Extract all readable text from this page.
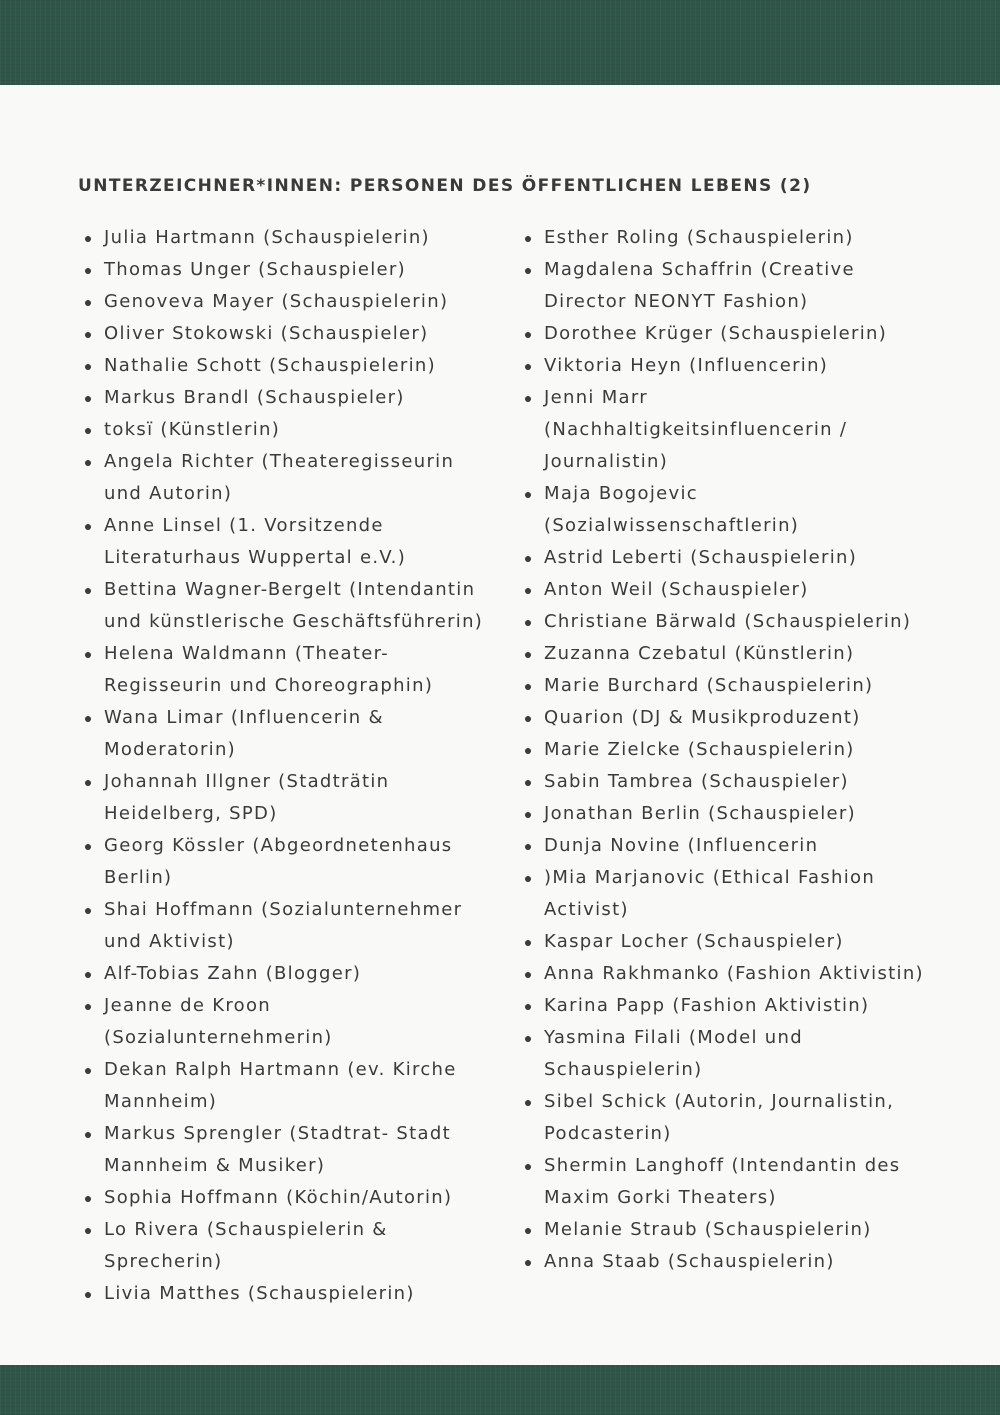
UNTERZEICHNER*INNEN: PERSONEN DES ÖFFENTLICHEN LEBENS (2)
Julia Hartmann (Schauspielerin)
Thomas Unger (Schauspieler)
Genoveva Mayer (Schauspielerin)
Oliver Stokowski (Schauspieler)
Nathalie Schott (Schauspielerin)
Markus Brandl (Schauspieler)
toksï (Künstlerin)
Angela Richter (Theateregisseurin
und Autorin)
Anne Linsel (1. Vorsitzende
Literaturhaus Wuppertal e.V.)
Bettina Wagner-Bergelt (Intendantin
und künstlerische Geschäftsführerin)
Helena Waldmann (Theater-
Regisseurin und Choreographin)
Wana Limar (Influencerin &
Moderatorin)
Johannah Illgner (Stadträtin
Heidelberg, SPD)
Georg Kössler (Abgeordnetenhaus
Berlin)
Shai Hoffmann (Sozialunternehmer
und Aktivist)
Alf-Tobias Zahn (Blogger)
Jeanne de Kroon
(Sozialunternehmerin)
Dekan Ralph Hartmann (ev. Kirche
Mannheim)
Markus Sprengler (Stadtrat- Stadt
Mannheim & Musiker)
Sophia Hoffmann (Köchin/Autorin)
Lo Rivera (Schauspielerin &
Sprecherin)
Livia Matthes (Schauspielerin)
Esther Roling (Schauspielerin)
Magdalena Schaffrin (Creative
Director NEONYT Fashion)
Dorothee Krüger (Schauspielerin)
Viktoria Heyn (Influencerin)
Jenni Marr
(Nachhaltigkeitsinfluencerin /
Journalistin)
Maja Bogojevic
(Sozialwissenschaftlerin)
Astrid Leberti (Schauspielerin)
Anton Weil (Schauspieler)
Christiane Bärwald (Schauspielerin)
Zuzanna Czebatul (Künstlerin)
Marie Burchard (Schauspielerin)
Quarion (DJ & Musikproduzent)
Marie Zielcke (Schauspielerin)
Sabin Tambrea (Schauspieler)
Jonathan Berlin (Schauspieler)
Dunja Novine (Influencerin
)Mia Marjanovic (Ethical Fashion
Activist)
Kaspar Locher (Schauspieler)
Anna Rakhmanko (Fashion Aktivistin)
Karina Papp (Fashion Aktivistin)
Yasmina Filali (Model und
Schauspielerin)
Sibel Schick (Autorin, Journalistin,
Podcasterin)
Shermin Langhoff (Intendantin des
Maxim Gorki Theaters)
Melanie Straub (Schauspielerin)
Anna Staab (Schauspielerin)
